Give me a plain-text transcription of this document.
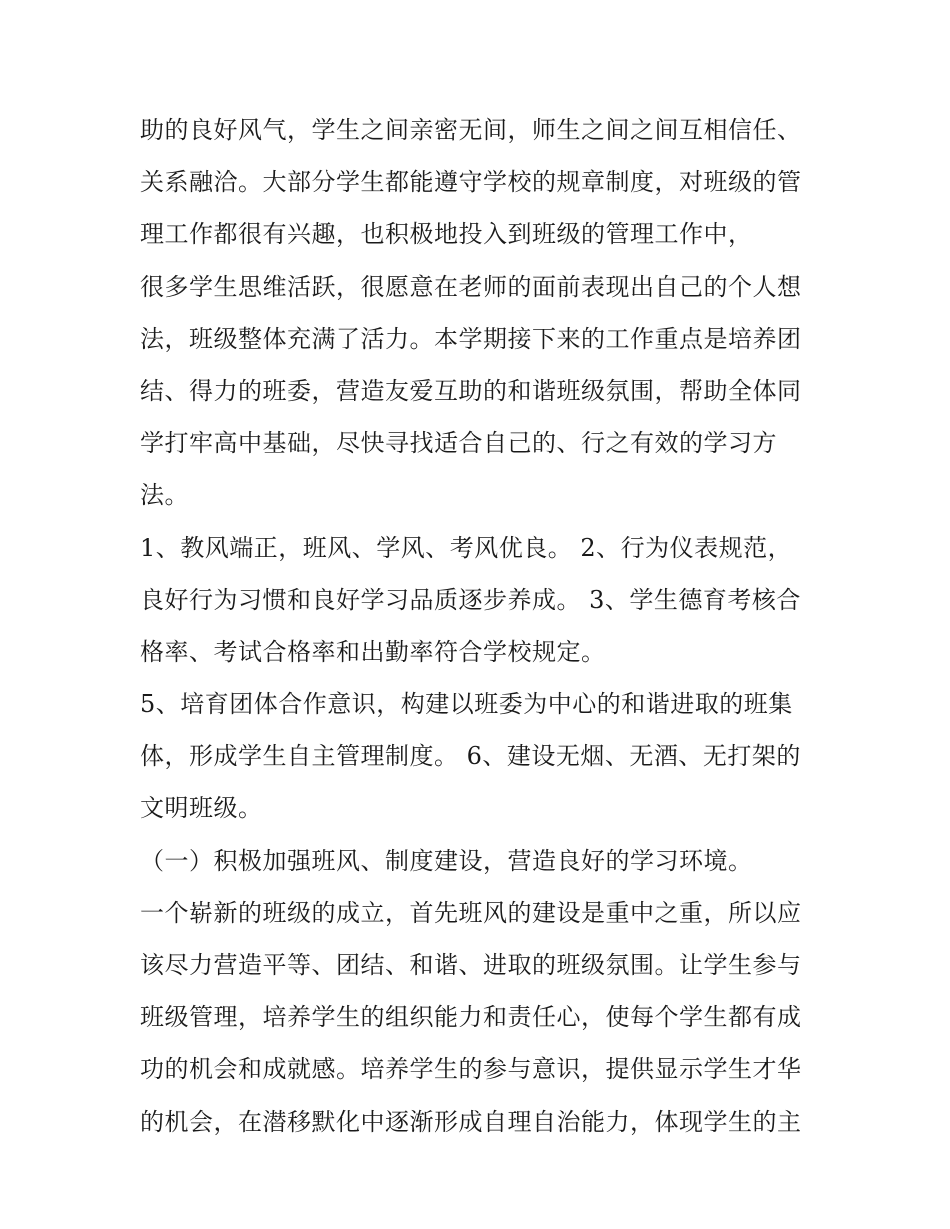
助的良好风气，学生之间亲密无间，师生之间之间互相信任、
关系融洽。大部分学生都能遵守学校的规章制度，对班级的管
理工作都很有兴趣，也积极地投入到班级的管理工作中，
很多学生思维活跃，很愿意在老师的面前表现出自己的个人想
法，班级整体充满了活力。本学期接下来的工作重点是培养团
结、得力的班委，营造友爱互助的和谐班级氛围，帮助全体同
学打牢高中基础，尽快寻找适合自己的、行之有效的学习方
法。
1、教风端正，班风、学风、考风优良。 2、行为仪表规范，
良好行为习惯和良好学习品质逐步养成。 3、学生德育考核合
格率、考试合格率和出勤率符合学校规定。
5、培育团体合作意识，构建以班委为中心的和谐进取的班集
体，形成学生自主管理制度。 6、建设无烟、无酒、无打架的
文明班级。
（一）积极加强班风、制度建设，营造良好的学习环境。
一个崭新的班级的成立，首先班风的建设是重中之重，所以应
该尽力营造平等、团结、和谐、进取的班级氛围。让学生参与
班级管理，培养学生的组织能力和责任心，使每个学生都有成
功的机会和成就感。培养学生的参与意识，提供显示学生才华
的机会，在潜移默化中逐渐形成自理自治能力，体现学生的主
